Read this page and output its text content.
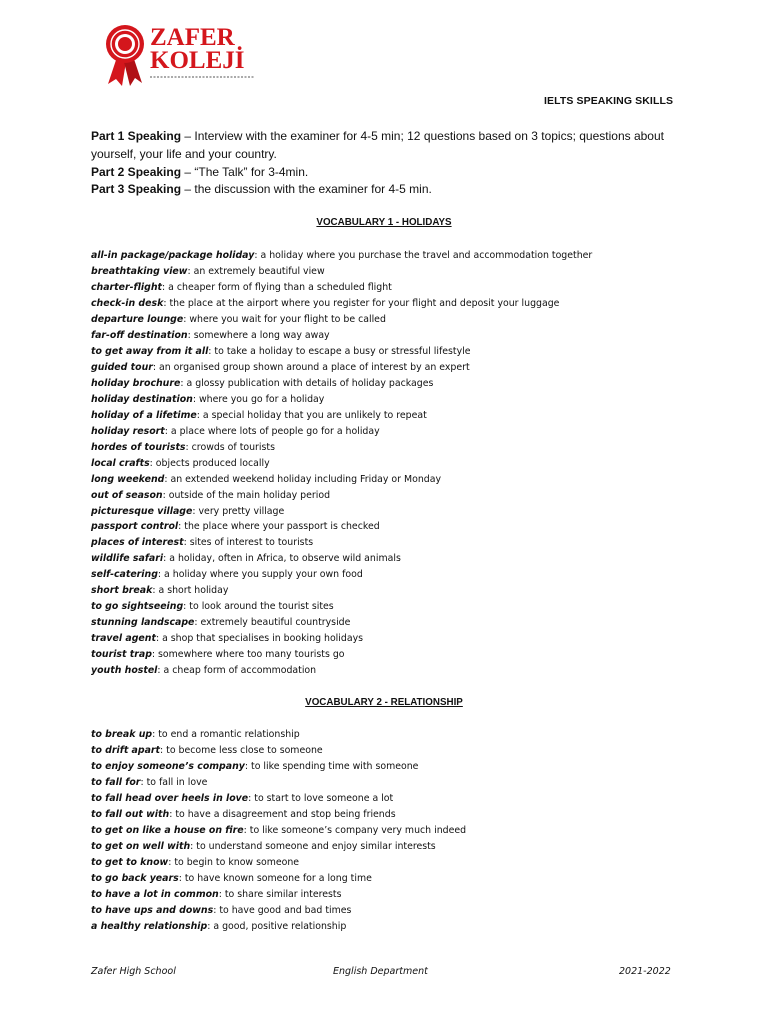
ZAFER
KOLEJİ
IELTS SPEAKING SKILLS

Part 1 Speaking – Interview with the examiner for 4-5 min; 12 questions based on 3 topics; questions about yourself, your life and your country.

Part 2 Speaking – “The Talk” for 3-4min.

Part 3 Speaking – the discussion with the examiner for 4-5 min.

VOCABULARY 1 - HOLIDAYS
all-in package/package holiday: a holiday where you purchase the travel and accommodation together
breathtaking view: an extremely beautiful view
charter-flight: a cheaper form of flying than a scheduled flight
check-in desk: the place at the airport where you register for your flight and deposit your luggage
departure lounge: where you wait for your flight to be called
far-off destination: somewhere a long way away
to get away from it all: to take a holiday to escape a busy or stressful lifestyle
guided tour: an organised group shown around a place of interest by an expert
holiday brochure: a glossy publication with details of holiday packages
holiday destination: where you go for a holiday
holiday of a lifetime: a special holiday that you are unlikely to repeat
holiday resort: a place where lots of people go for a holiday
hordes of tourists: crowds of tourists
local crafts: objects produced locally
long weekend: an extended weekend holiday including Friday or Monday
out of season: outside of the main holiday period
picturesque village: very pretty village
passport control: the place where your passport is checked
places of interest: sites of interest to tourists
wildlife safari: a holiday, often in Africa, to observe wild animals
self-catering: a holiday where you supply your own food
short break: a short holiday
to go sightseeing: to look around the tourist sites
stunning landscape: extremely beautiful countryside
travel agent: a shop that specialises in booking holidays
tourist trap: somewhere where too many tourists go
youth hostel: a cheap form of accommodation
VOCABULARY 2 - RELATIONSHIP
to break up: to end a romantic relationship
to drift apart: to become less close to someone
to enjoy someone’s company: to like spending time with someone
to fall for: to fall in love
to fall head over heels in love: to start to love someone a lot
to fall out with: to have a disagreement and stop being friends
to get on like a house on fire: to like someone’s company very much indeed
to get on well with: to understand someone and enjoy similar interests
to get to know: to begin to know someone
to go back years: to have known someone for a long time
to have a lot in common: to share similar interests
to have ups and downs: to have good and bad times
a healthy relationship: a good, positive relationship
Zafer High School	English Department	2021-2022
